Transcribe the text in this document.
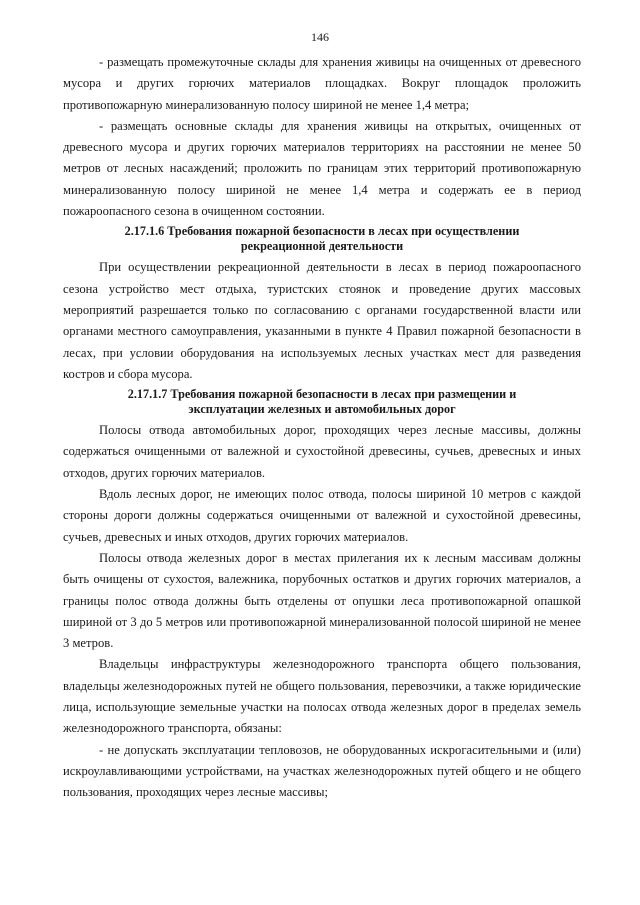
146

- размещать промежуточные склады для хранения живицы на очищенных от древесного мусора и других горючих материалов площадках. Вокруг площадок проложить противопожарную минерализованную полосу шириной не менее 1,4 метра;

- размещать основные склады для хранения живицы на открытых, очищенных от древесного мусора и других горючих материалов территориях на расстоянии не менее 50 метров от лесных насаждений; проложить по границам этих территорий противопожарную минерализованную полосу шириной не менее 1,4 метра и содержать ее в период пожароопасного сезона в очищенном состоянии.

2.17.1.6 Требования пожарной безопасности в лесах при осуществлении рекреационной деятельности

При осуществлении рекреационной деятельности в лесах в период пожароопасного сезона устройство мест отдыха, туристских стоянок и проведение других массовых мероприятий разрешается только по согласованию с органами государственной власти или органами местного самоуправления, указанными в пункте 4 Правил пожарной безопасности в лесах, при условии оборудования на используемых лесных участках мест для разведения костров и сбора мусора.

2.17.1.7 Требования пожарной безопасности в лесах при размещении и эксплуатации железных и автомобильных дорог

Полосы отвода автомобильных дорог, проходящих через лесные массивы, должны содержаться очищенными от валежной и сухостойной древесины, сучьев, древесных и иных отходов, других горючих материалов.

Вдоль лесных дорог, не имеющих полос отвода, полосы шириной 10 метров с каждой стороны дороги должны содержаться очищенными от валежной и сухостойной древесины, сучьев, древесных и иных отходов, других горючих материалов.

Полосы отвода железных дорог в местах прилегания их к лесным массивам должны быть очищены от сухостоя, валежника, порубочных остатков и других горючих материалов, а границы полос отвода должны быть отделены от опушки леса противопожарной опашкой шириной от 3 до 5 метров или противопожарной минерализованной полосой шириной не менее 3 метров.

Владельцы инфраструктуры железнодорожного транспорта общего пользования, владельцы железнодорожных путей не общего пользования, перевозчики, а также юридические лица, использующие земельные участки на полосах отвода железных дорог в пределах земель железнодорожного транспорта, обязаны:

- не допускать эксплуатации тепловозов, не оборудованных искрогасительными и (или) искроулавливающими устройствами, на участках железнодорожных путей общего и не общего пользования, проходящих через лесные массивы;
